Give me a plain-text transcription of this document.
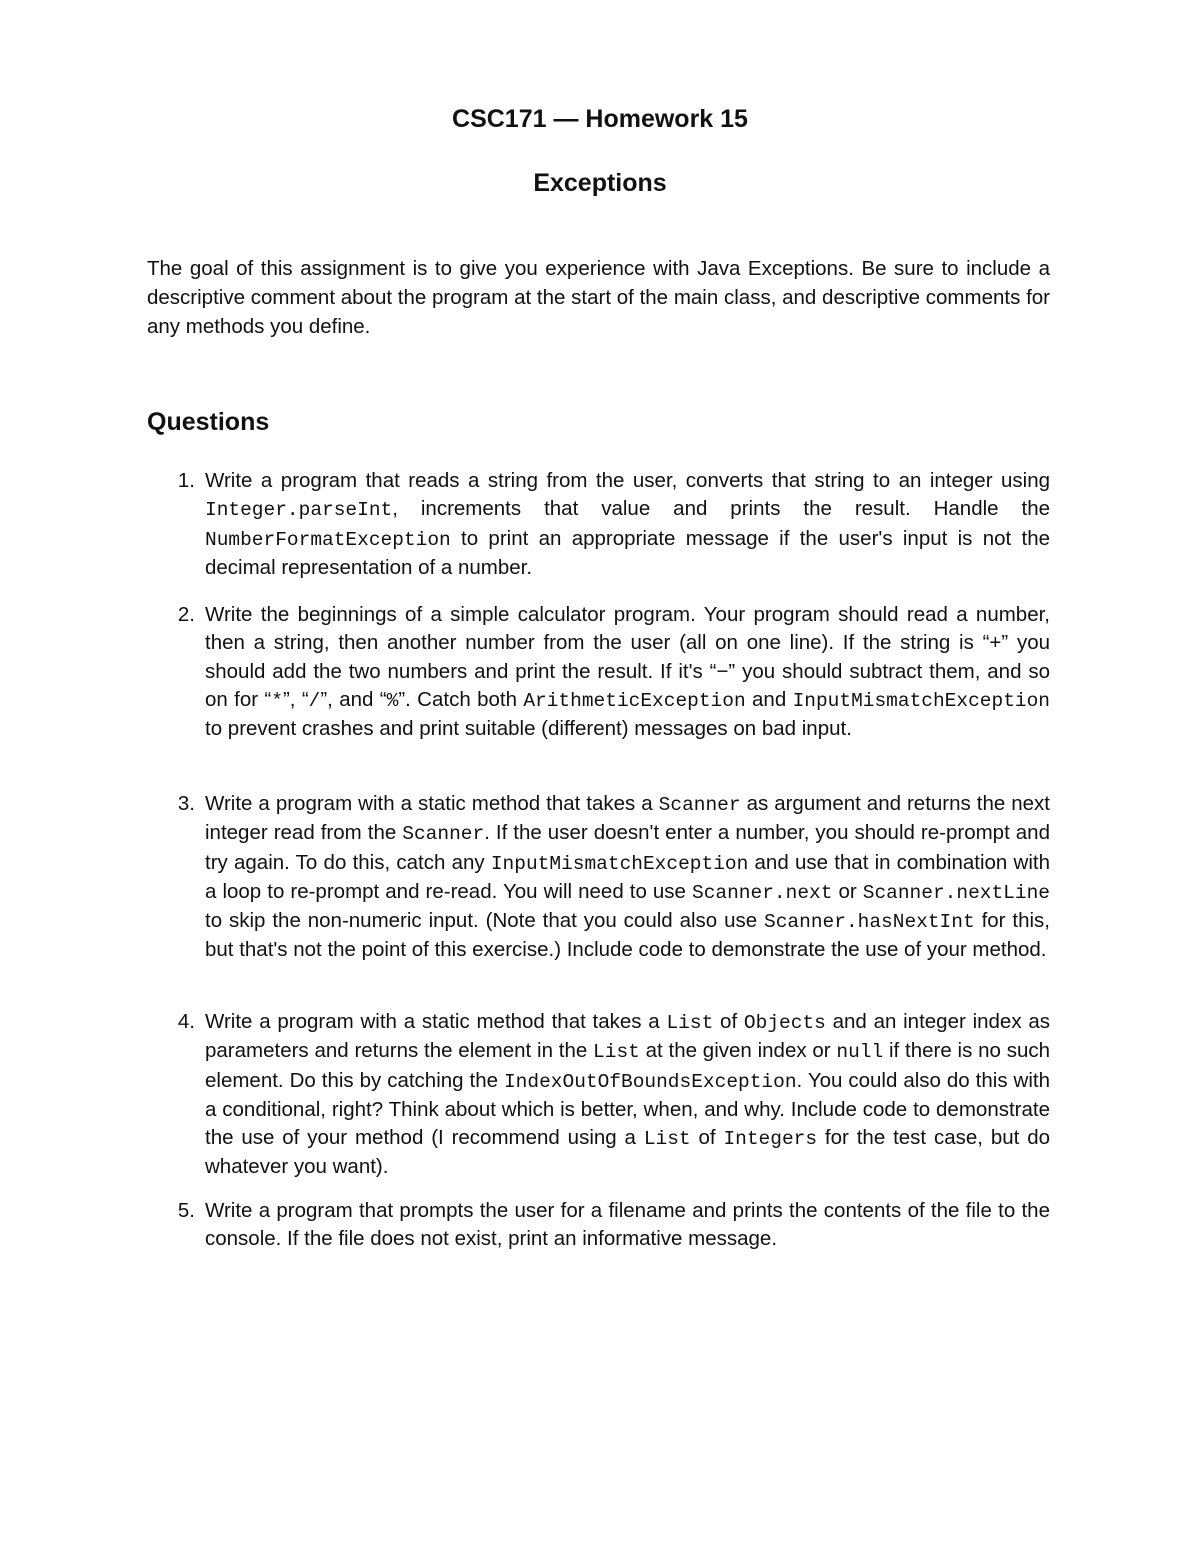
CSC171 — Homework 15
Exceptions

The goal of this assignment is to give you experience with Java Exceptions. Be sure to include a descriptive comment about the program at the start of the main class, and descriptive comments for any methods you define.

Questions
1. Write a program that reads a string from the user, converts that string to an integer using Integer.parseInt, increments that value and prints the result. Handle the NumberFormatException to print an appropriate message if the user's input is not the decimal representation of a number.
2. Write the beginnings of a simple calculator program. Your program should read a number, then a string, then another number from the user (all on one line). If the string is “+” you should add the two numbers and print the result. If it's “−” you should subtract them, and so on for “*”, “/”, and “%”. Catch both ArithmeticException and InputMismatchException to prevent crashes and print suitable (different) messages on bad input.
3. Write a program with a static method that takes a Scanner as argument and returns the next integer read from the Scanner. If the user doesn't enter a number, you should re-prompt and try again. To do this, catch any InputMismatchException and use that in combination with a loop to re-prompt and re-read. You will need to use Scanner.next or Scanner.nextLine to skip the non-numeric input. (Note that you could also use Scanner.hasNextInt for this, but that's not the point of this exercise.) Include code to demonstrate the use of your method.
4. Write a program with a static method that takes a List of Objects and an integer index as parameters and returns the element in the List at the given index or null if there is no such element. Do this by catching the IndexOutOfBoundsException. You could also do this with a conditional, right? Think about which is better, when, and why. Include code to demonstrate the use of your method (I recommend using a List of Integers for the test case, but do whatever you want).
5. Write a program that prompts the user for a filename and prints the contents of the file to the console. If the file does not exist, print an informative message.
